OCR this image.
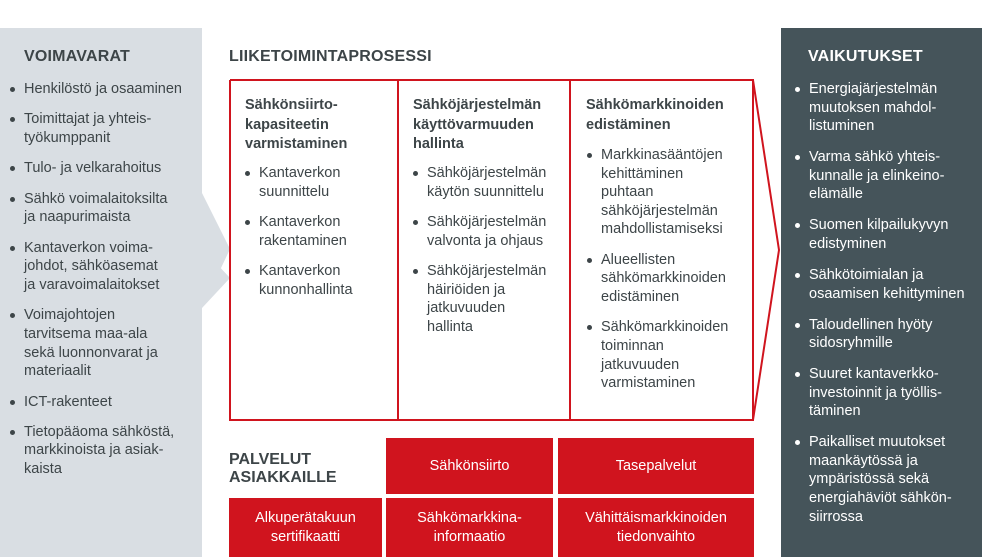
VOIMAVARAT
Henkilöstö ja osaaminen
Toimittajat ja yhteis-
työkumppanit
Tulo- ja velkarahoitus
Sähkö voimalaitoksilta
ja naapurimaista
Kantaverkon voima-
johdot, sähköasemat
ja varavoimalaitokset
Voimajohtojen
tarvitsema maa-ala
sekä luonnonvarat ja
materiaalit
ICT-rakenteet
Tietopääoma sähköstä,
markkinoista ja asiak-
kaista
LIIKETOIMINTAPROSESSI
Sähkönsiirto-
kapasiteetin
varmistaminen
Kantaverkon
suunnittelu
Kantaverkon
rakentaminen
Kantaverkon
kunnonhallinta
Sähköjärjestelmän
käyttövarmuuden
hallinta
Sähköjärjestelmän
käytön suunnittelu
Sähköjärjestelmän
valvonta ja ohjaus
Sähköjärjestelmän
häiriöiden ja
jatkuvuuden
hallinta
Sähkömarkkinoiden
edistäminen
Markkinasääntöjen
kehittäminen
puhtaan
sähköjärjestelmän
mahdollistamiseksi
Alueellisten
sähkömarkkinoiden
edistäminen
Sähkömarkkinoiden
toiminnan
jatkuvuuden
varmistaminen
PALVELUT
ASIAKKAILLE
Sähkönsiirto	Tasepalvelut
Alkuperätakuun
sertifikaatti
Sähkömarkkina-
informaatio
Vähittäismarkkinoiden
tiedonvaihto
VAIKUTUKSET
Energiajärjestelmän
muutoksen mahdol-
listuminen
Varma sähkö yhteis-
kunnalle ja elinkeino-
elämälle
Suomen kilpailukyvyn
edistyminen
Sähkötoimialan ja
osaamisen kehittyminen
Taloudellinen hyöty
sidosryhmille
Suuret kantaverkko-
investoinnit ja työllis-
täminen
Paikalliset muutokset
maankäytössä ja
ympäristössä sekä
energiahäviöt sähkön-
siirrossa
